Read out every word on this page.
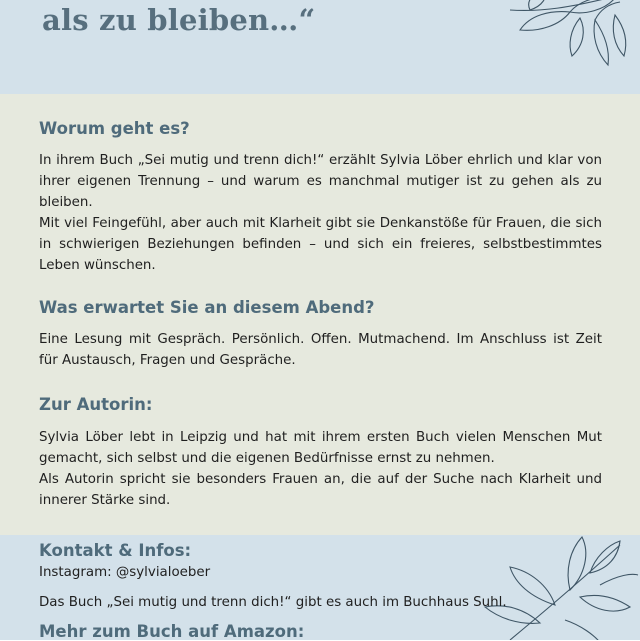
als zu bleiben…“
Worum geht es?

In ihrem Buch „Sei mutig und trenn dich!“ erzählt Sylvia Löber ehrlich und klar von ihrer eigenen Trennung – und warum es manchmal mutiger ist zu gehen als zu bleiben.

Mit viel Feingefühl, aber auch mit Klarheit gibt sie Denkanstöße für Frauen, die sich in schwierigen Beziehungen befinden – und sich ein freieres, selbstbestimmtes Leben wünschen.

Was erwartet Sie an diesem Abend?

Eine Lesung mit Gespräch. Persönlich. Offen. Mutmachend. Im Anschluss ist Zeit für Austausch, Fragen und Gespräche.

Zur Autorin:

Sylvia Löber lebt in Leipzig und hat mit ihrem ersten Buch vielen Menschen Mut gemacht, sich selbst und die eigenen Bedürfnisse ernst zu nehmen.

Als Autorin spricht sie besonders Frauen an, die auf der Suche nach Klarheit und innerer Stärke sind.

Kontakt & Infos:
Instagram: @sylvialoeber
Das Buch „Sei mutig und trenn dich!“ gibt es auch im Buchhaus Suhl.
Mehr zum Buch auf Amazon:
